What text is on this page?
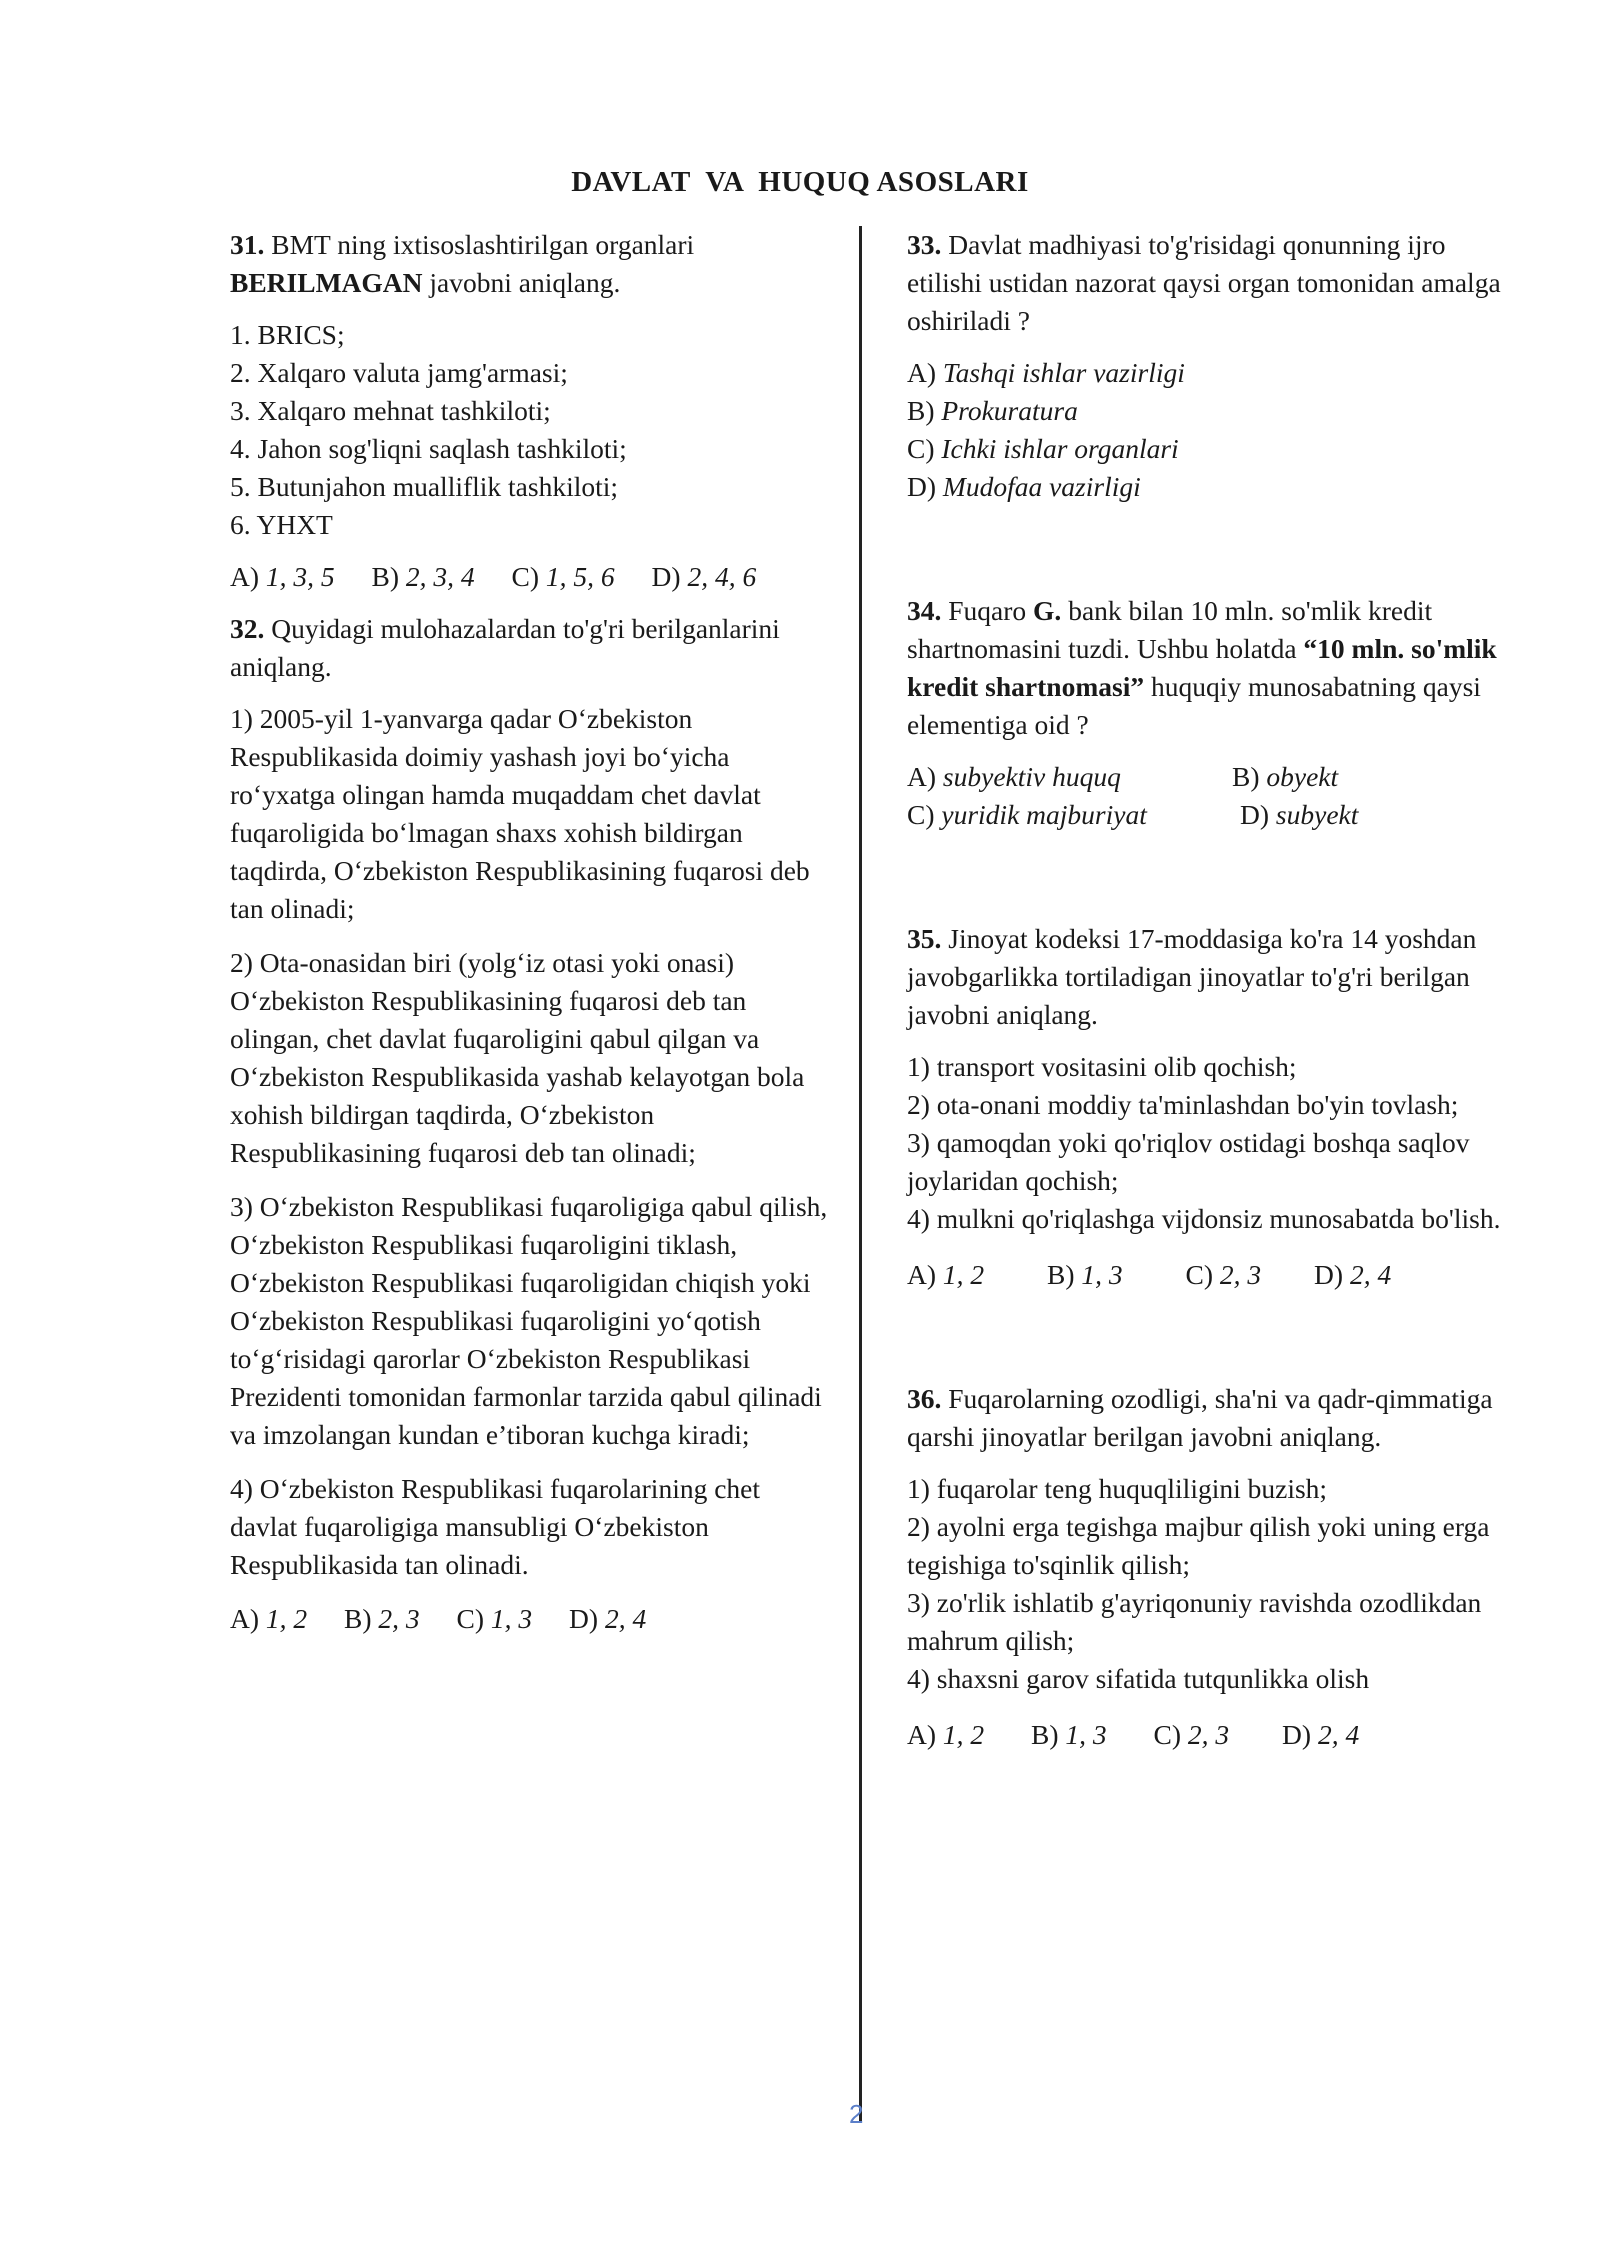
DAVLAT  VA  HUQUQ ASOSLARI

31. BMT ning ixtisoslashtirilgan organlari
BERILMAGAN javobni aniqlang.

1. BRICS;
2. Xalqaro valuta jamg'armasi;
3. Xalqaro mehnat tashkiloti;
4. Jahon sog'liqni saqlash tashkiloti;
5. Butunjahon mualliflik tashkiloti;
6. YHXT
A) 1, 3, 5 B) 2, 3, 4 C) 1, 5, 6 D) 2, 4, 6

32. Quyidagi mulohazalardan to'g'ri berilganlarini aniqlang.

1) 2005-yil 1-yanvarga qadar O‘zbekiston Respublikasida doimiy yashash joyi bo‘yicha ro‘yxatga olingan hamda muqaddam chet davlat fuqaroligida bo‘lmagan shaxs xohish bildirgan taqdirda, O‘zbekiston Respublikasining fuqarosi deb tan olinadi;

2) Ota-onasidan biri (yolg‘iz otasi yoki onasi) O‘zbekiston Respublikasining fuqarosi deb tan olingan, chet davlat fuqaroligini qabul qilgan va O‘zbekiston Respublikasida yashab kelayotgan bola xohish bildirgan taqdirda, O‘zbekiston Respublikasining fuqarosi deb tan olinadi;

3) O‘zbekiston Respublikasi fuqaroligiga qabul qilish, O‘zbekiston Respublikasi fuqaroligini tiklash, O‘zbekiston Respublikasi fuqaroligidan chiqish yoki O‘zbekiston Respublikasi fuqaroligini yo‘qotish to‘g‘risidagi qarorlar O‘zbekiston Respublikasi Prezidenti tomonidan farmonlar tarzida qabul qilinadi va imzolangan kundan e’tiboran kuchga kiradi;

4) O‘zbekiston Respublikasi fuqarolarining chet davlat fuqaroligiga mansubligi O‘zbekiston Respublikasida tan olinadi.

A) 1, 2 B) 2, 3 C) 1, 3 D) 2, 4

33. Davlat madhiyasi to'g'risidagi qonunning ijro etilishi ustidan nazorat qaysi organ tomonidan amalga oshiriladi ?

A) Tashqi ishlar vazirligi
B) Prokuratura
C) Ichki ishlar organlari
D) Mudofaa vazirligi

34. Fuqaro G. bank bilan 10 mln. so'mlik kredit shartnomasini tuzdi. Ushbu holatda “10 mln. so'mlik kredit shartnomasi” huquqiy munosabatning qaysi elementiga oid ?

A) subyektiv huquq	B) obyekt
C) yuridik majburiyat	D) subyekt

35. Jinoyat kodeksi 17-moddasiga ko'ra 14 yoshdan javobgarlikka tortiladigan jinoyatlar to'g'ri berilgan javobni aniqlang.

1) transport vositasini olib qochish;
2) ota-onani moddiy ta'minlashdan bo'yin tovlash;
3) qamoqdan yoki qo'riqlov ostidagi boshqa saqlov joylaridan qochish;
4) mulkni qo'riqlashga vijdonsiz munosabatda bo'lish.
A) 1, 2 B) 1, 3 C) 2, 3 D) 2, 4

36. Fuqarolarning ozodligi, sha'ni va qadr-qimmatiga qarshi jinoyatlar berilgan javobni aniqlang.

1) fuqarolar teng huquqliligini buzish;
2) ayolni erga tegishga majbur qilish yoki uning erga tegishiga to'sqinlik qilish;
3) zo'rlik ishlatib g'ayriqonuniy ravishda ozodlikdan mahrum qilish;
4) shaxsni garov sifatida tutqunlikka olish
A) 1, 2 B) 1, 3 C) 2, 3 D) 2, 4
2
